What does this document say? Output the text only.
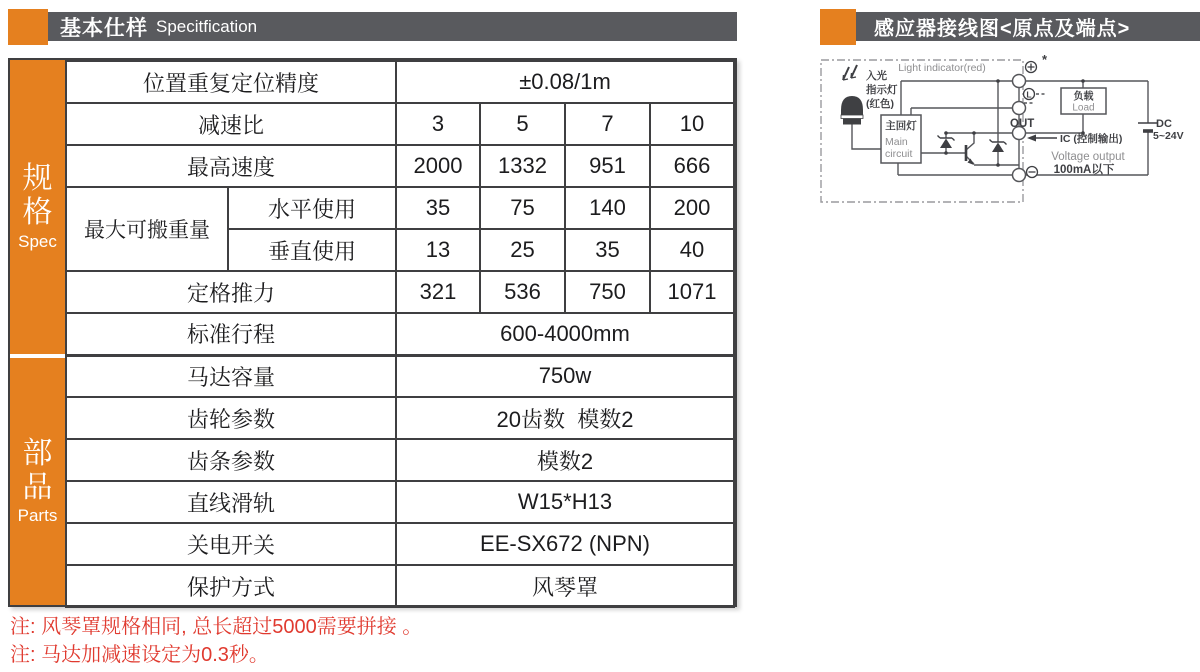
基本仕样 Specitfication	感应器接线图<原点及端点>
规格
Spec
部品
Parts
位置重复定位精度		±0.08/1m			
减速比		3	5	7	10
最高速度		2000	1332	951	666
最大可搬重量	水平使用	35	75	140	200
	垂直使用	13	25	35	40
定格推力		321	536	750	1071
标准行程		600-4000mm			
马达容量		750w			
齿轮参数		20齿数  模数2			
齿条参数		模数2			
直线滑轨		W15*H13			
关电开关		EE-SX672 (NPN)			
保护方式		风琴罩			
注: 风琴罩规格相同, 总长超过5000需要拼接 。
注: 马达加减速设定为0.3秒。
Light indicator(red)
入光
指示灯
(红色)
主回灯
Main
circuit
*
L
OUT
IC (控制输出)
负载
Load
Voltage output
100mA以下
DC
5~24V
